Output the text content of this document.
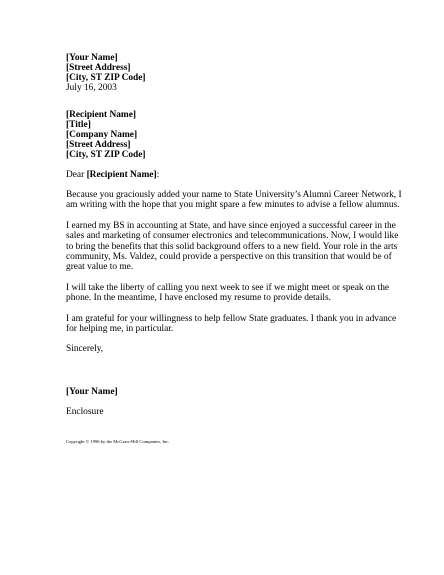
[Your Name]
[Street Address]
[City, ST ZIP Code]
July 16, 2003
[Recipient Name]
[Title]
[Company Name]
[Street Address]
[City, ST ZIP Code]
Dear [Recipient Name]:
Because you graciously added your name to State University’s Alumni Career Network, I
am writing with the hope that you might spare a few minutes to advise a fellow alumnus.
I earned my BS in accounting at State, and have since enjoyed a successful career in the
sales and marketing of consumer electronics and telecommunications. Now, I would like
to bring the benefits that this solid background offers to a new field. Your role in the arts
community, Ms. Valdez, could provide a perspective on this transition that would be of
great value to me.
I will take the liberty of calling you next week to see if we might meet or speak on the
phone. In the meantime, I have enclosed my resume to provide details.
I am grateful for your willingness to help fellow State graduates. I thank you in advance
for helping me, in particular.
Sincerely,
[Your Name]
Enclosure
Copyright © 1996 by the McGraw-Hill Companies, Inc.
